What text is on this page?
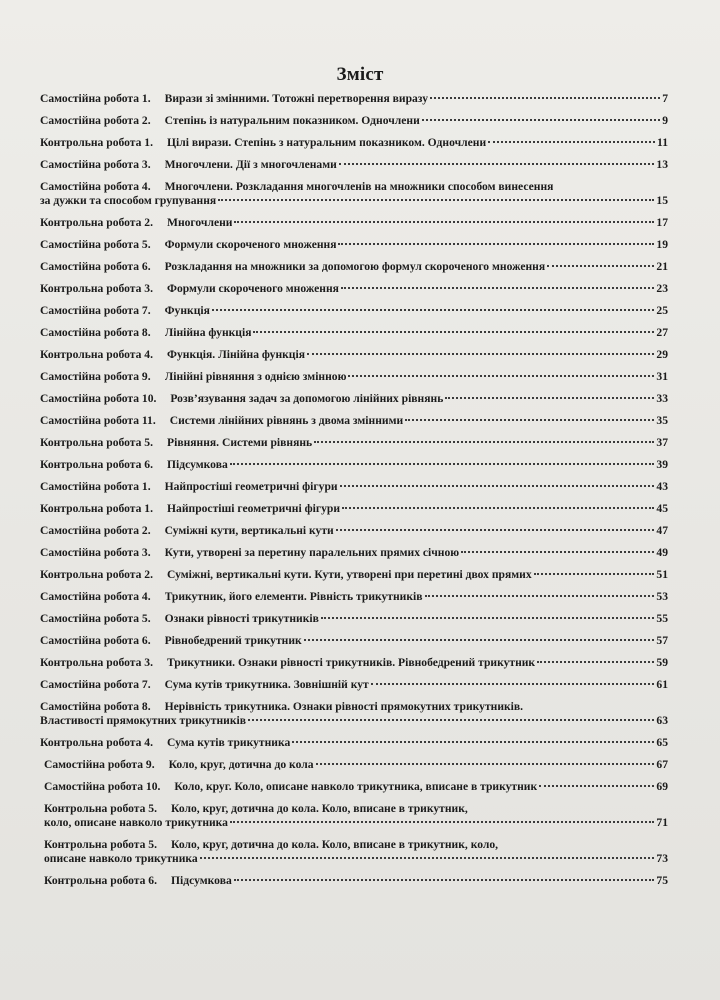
Зміст
Самостійна робота 1. Вирази зі змінними. Тотожні перетворення виразу	7
Самостійна робота 2. Степінь із натуральним показником. Одночлени	9
Контрольна робота 1. Цілі вирази. Степінь з натуральним показником. Одночлени	11
Самостійна робота 3. Многочлени. Дії з многочленами	13
Самостійна робота 4. Многочлени. Розкладання многочленів на множники способом винесення
за дужки та способом групування	15
Контрольна робота 2. Многочлени	17
Самостійна робота 5. Формули скороченого множення	19
Самостійна робота 6. Розкладання на множники за допомогою формул скороченого множення	21
Контрольна робота 3. Формули скороченого множення	23
Самостійна робота 7. Функція	25
Самостійна робота 8. Лінійна функція	27
Контрольна робота 4. Функція. Лінійна функція	29
Самостійна робота 9. Лінійні рівняння з однією змінною	31
Самостійна робота 10. Розв’язування задач за допомогою лінійних рівнянь	33
Самостійна робота 11. Системи лінійних рівнянь з двома змінними	35
Контрольна робота 5. Рівняння. Системи рівнянь	37
Контрольна робота 6. Підсумкова	39
Самостійна робота 1. Найпростіші геометричні фігури	43
Контрольна робота 1. Найпростіші геометричні фігури	45
Самостійна робота 2. Суміжні кути, вертикальні кути	47
Самостійна робота 3. Кути, утворені за перетину паралельних прямих січною	49
Контрольна робота 2. Суміжні, вертикальні кути. Кути, утворені при перетині двох прямих	51
Самостійна робота 4. Трикутник, його елементи. Рівність трикутників	53
Самостійна робота 5. Ознаки рівності трикутників	55
Самостійна робота 6. Рівнобедрений трикутник	57
Контрольна робота 3. Трикутники. Ознаки рівності трикутників. Рівнобедрений трикутник	59
Самостійна робота 7. Сума кутів трикутника. Зовнішній кут	61
Самостійна робота 8. Нерівність трикутника. Ознаки рівності прямокутних трикутників.
Властивості прямокутних трикутників	63
Контрольна робота 4. Сума кутів трикутника	65
Самостійна робота 9. Коло, круг, дотична до кола	67
Самостійна робота 10. Коло, круг. Коло, описане навколо трикутника, вписане в трикутник	69
Контрольна робота 5. Коло, круг, дотична до кола. Коло, вписане в трикутник,
коло, описане навколо трикутника	71
Контрольна робота 5. Коло, круг, дотична до кола. Коло, вписане в трикутник, коло,
описане навколо трикутника	73
Контрольна робота 6. Підсумкова	75
